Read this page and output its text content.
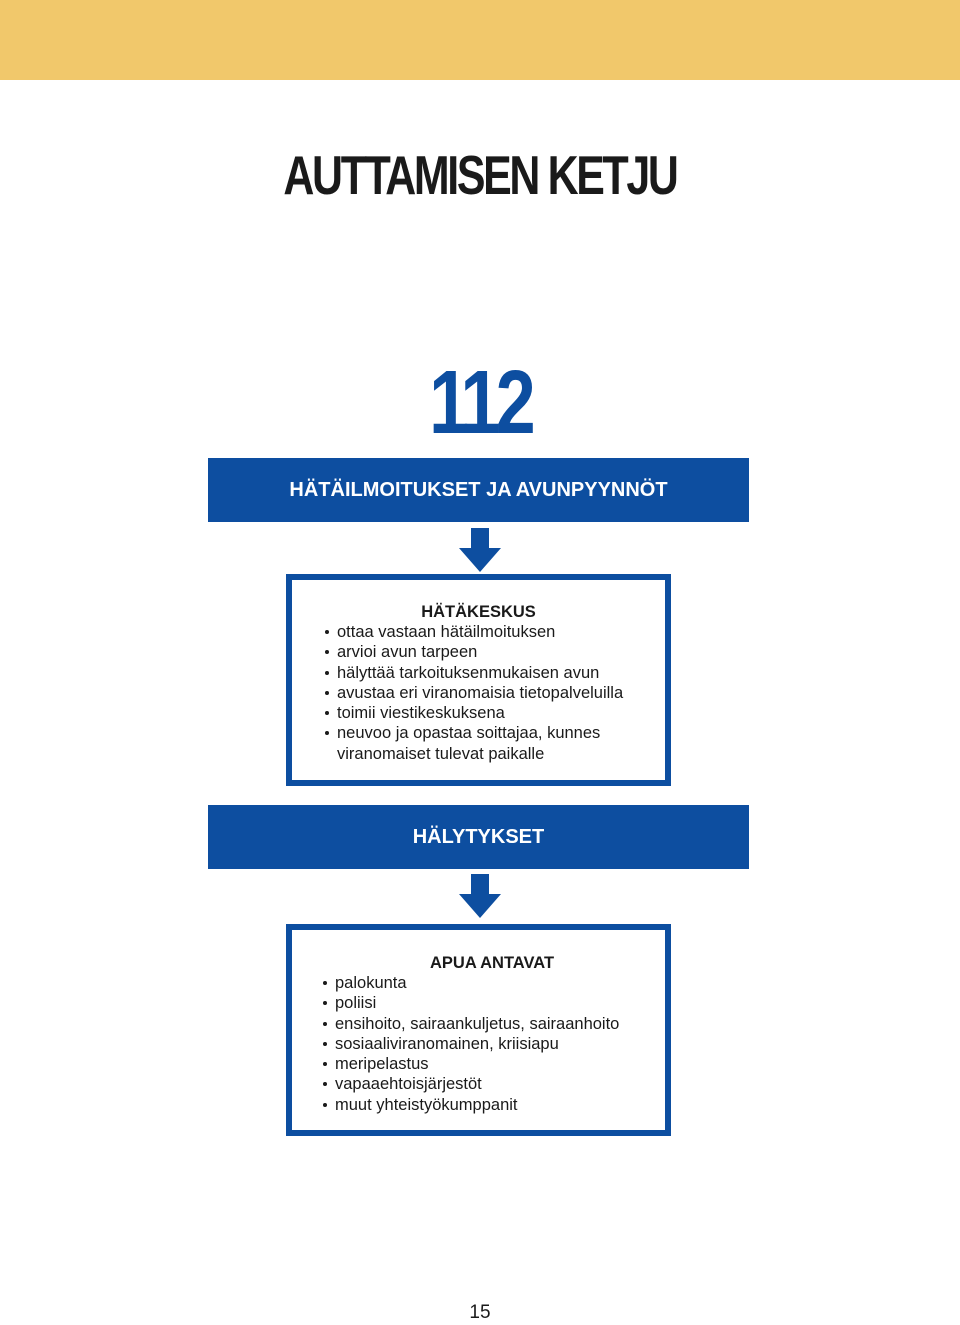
AUTTAMISEN KETJU
112
HÄTÄILMOITUKSET JA AVUNPYYNNÖT
HÄTÄKESKUS
ottaa vastaan hätäilmoituksen
arvioi avun tarpeen
hälyttää tarkoituksenmukaisen avun
avustaa eri viranomaisia tietopalveluilla
toimii viestikeskuksena
neuvoo ja opastaa soittajaa, kunnes viranomaiset tulevat paikalle
HÄLYTYKSET
APUA ANTAVAT
palokunta
poliisi
ensihoito, sairaankuljetus, sairaanhoito
sosiaaliviranomainen, kriisiapu
meripelastus
vapaaehtoisjärjestöt
muut yhteistyökumppanit
15
